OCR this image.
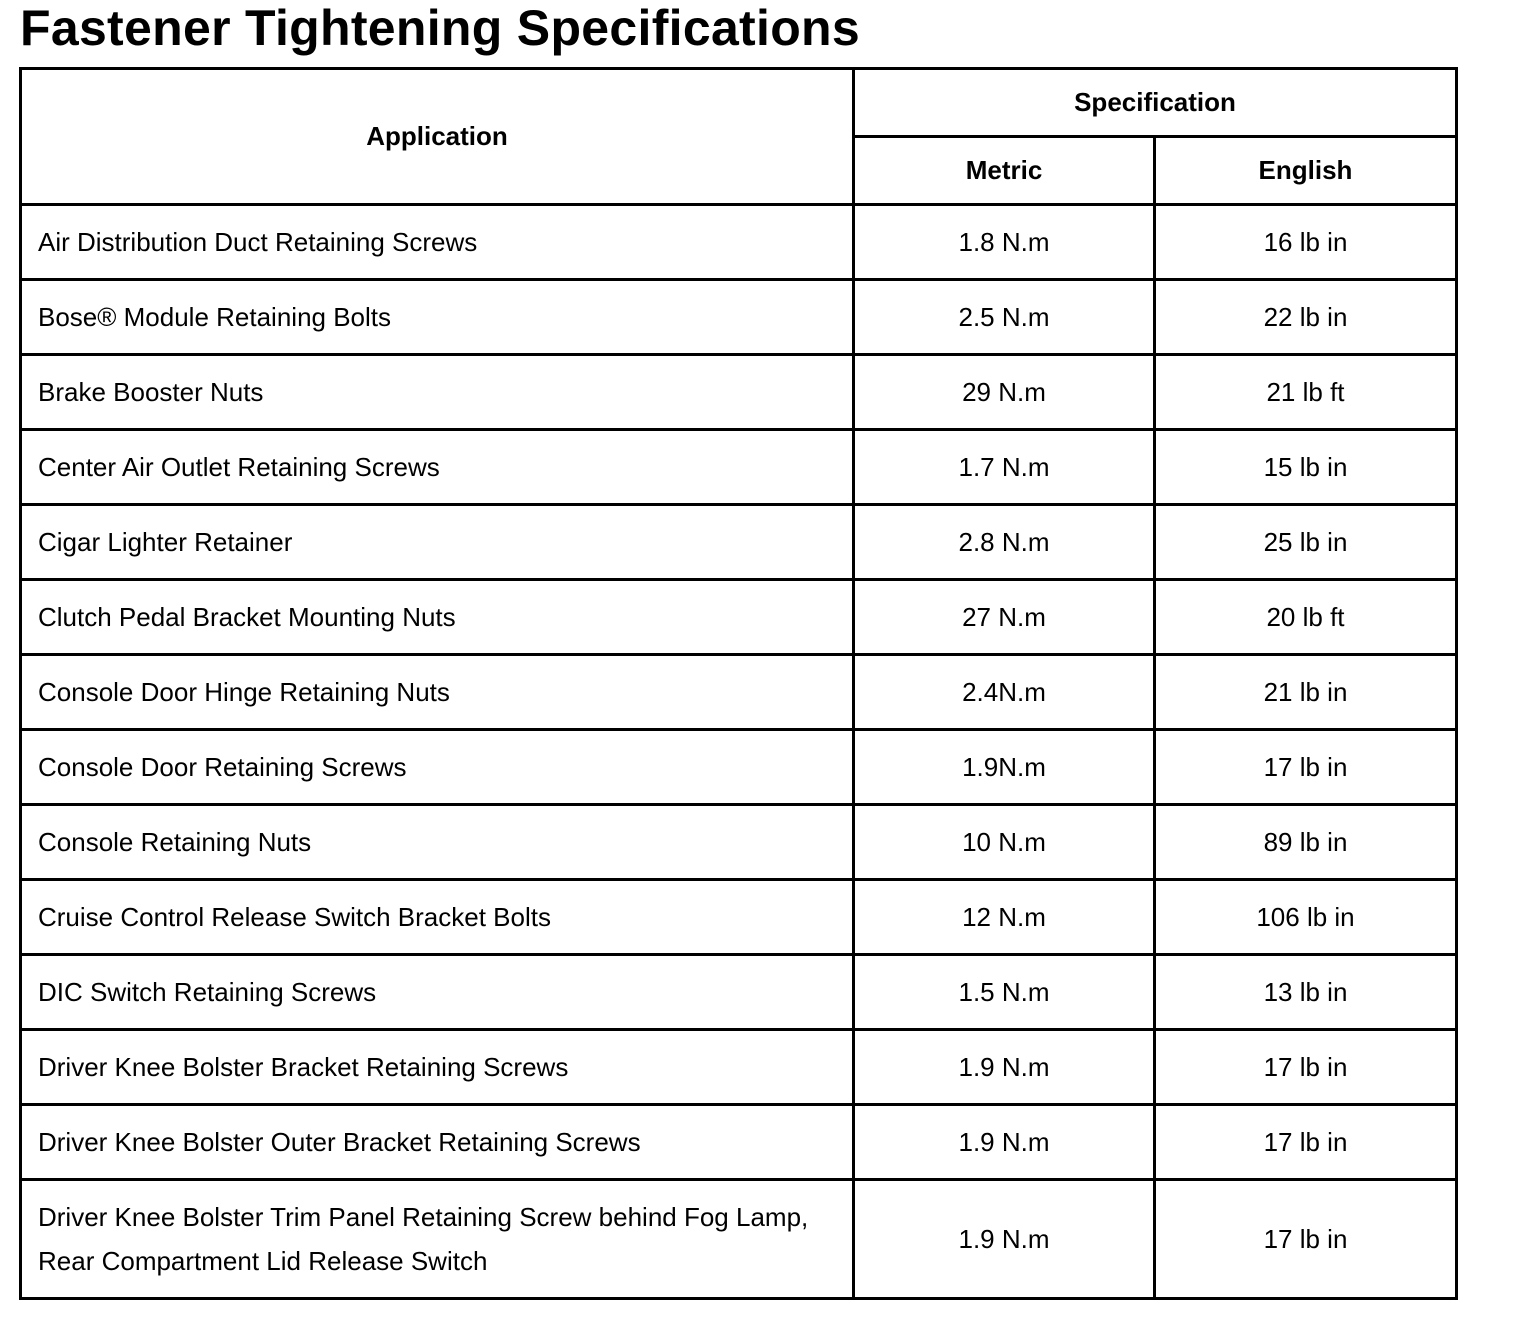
Fastener Tightening Specifications
Application	Specification	
	Metric	English
Air Distribution Duct Retaining Screws	1.8 N.m	16 lb in
Bose® Module Retaining Bolts	2.5 N.m	22 lb in
Brake Booster Nuts	29 N.m	21 lb ft
Center Air Outlet Retaining Screws	1.7 N.m	15 lb in
Cigar Lighter Retainer	2.8 N.m	25 lb in
Clutch Pedal Bracket Mounting Nuts	27 N.m	20 lb ft
Console Door Hinge Retaining Nuts	2.4N.m	21 lb in
Console Door Retaining Screws	1.9N.m	17 lb in
Console Retaining Nuts	10 N.m	89 lb in
Cruise Control Release Switch Bracket Bolts	12 N.m	106 lb in
DIC Switch Retaining Screws	1.5 N.m	13 lb in
Driver Knee Bolster Bracket Retaining Screws	1.9 N.m	17 lb in
Driver Knee Bolster Outer Bracket Retaining Screws	1.9 N.m	17 lb in
Driver Knee Bolster Trim Panel Retaining Screw behind Fog Lamp, Rear Compartment Lid Release Switch	1.9 N.m	17 lb in
